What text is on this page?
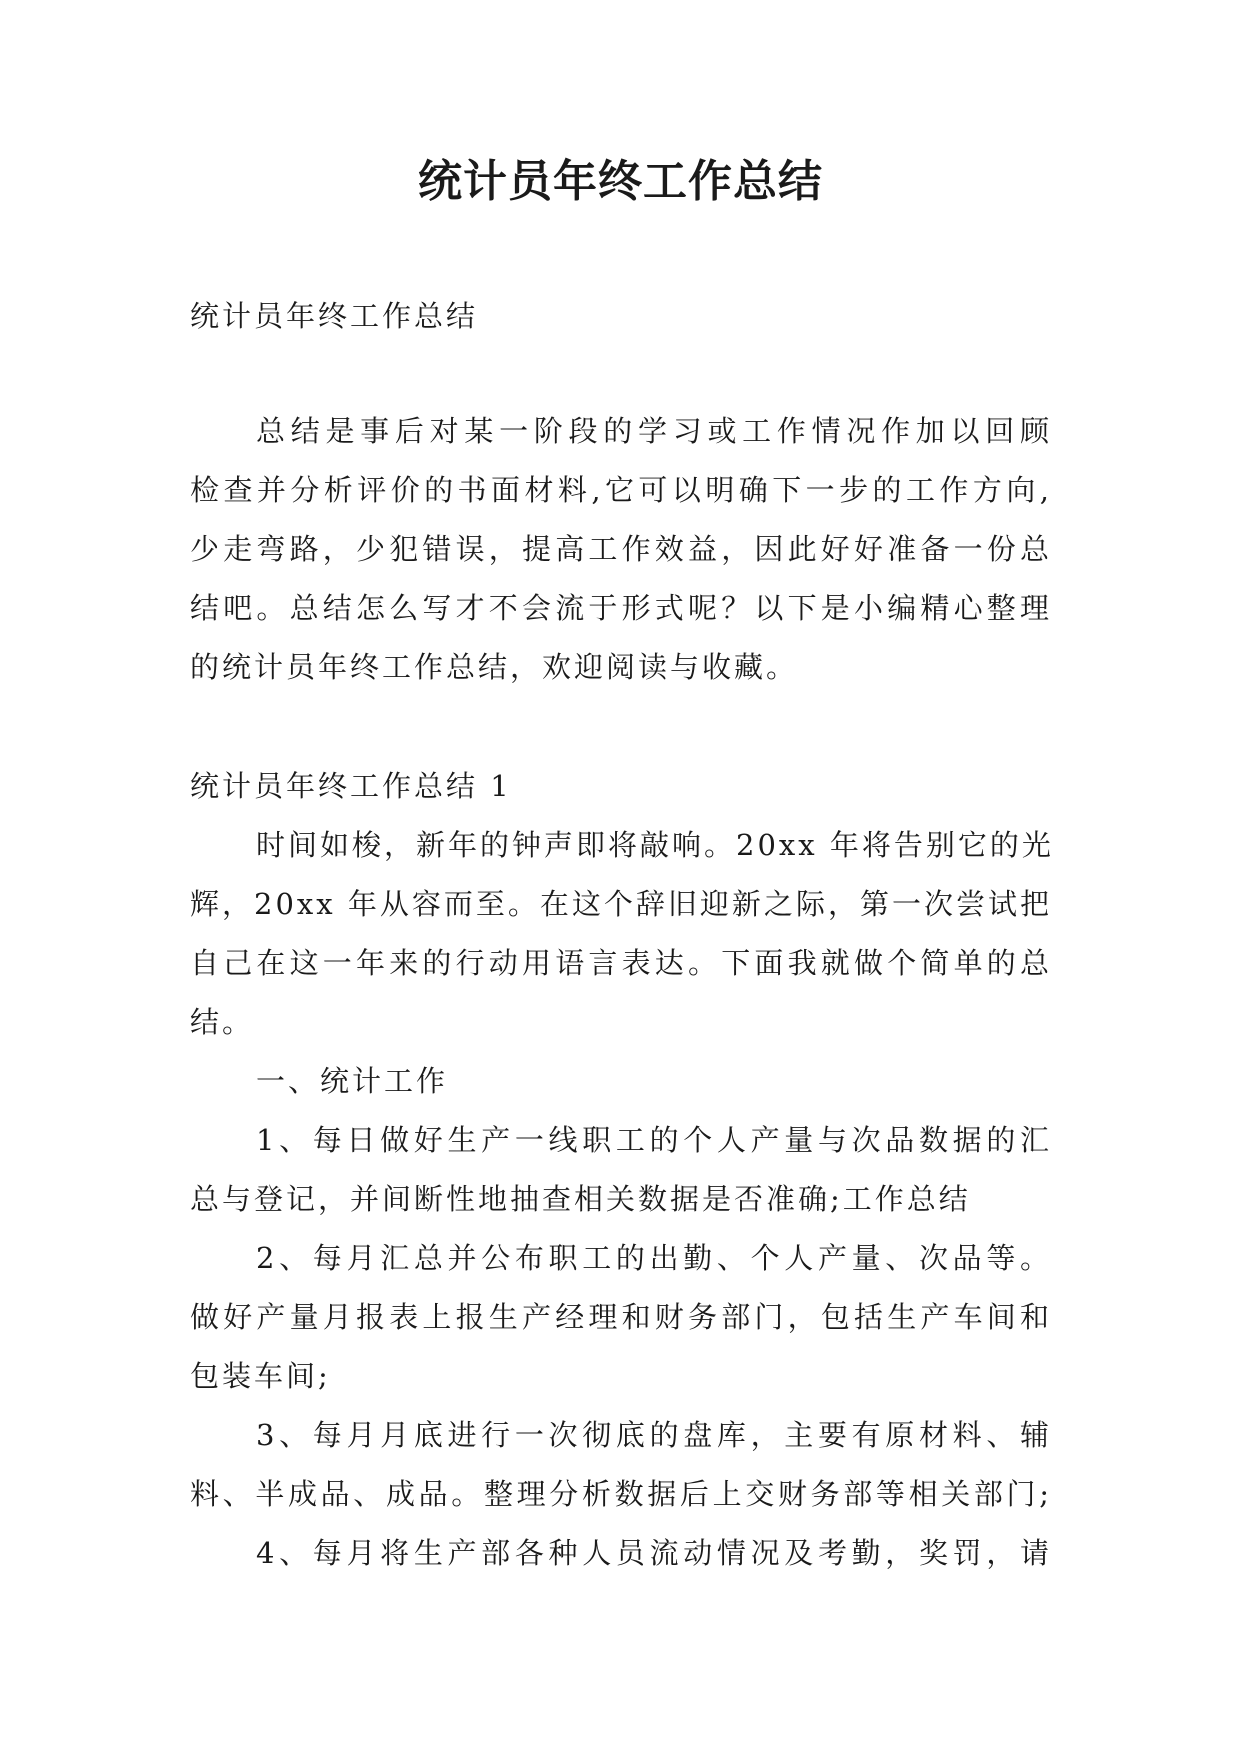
统计员年终工作总结
统计员年终工作总结
总结是事后对某一阶段的学习或工作情况作加以回顾
检查并分析评价的书面材料,它可以明确下一步的工作方向,
少走弯路，少犯错误，提高工作效益，因此好好准备一份总
结吧。总结怎么写才不会流于形式呢？以下是小编精心整理
的统计员年终工作总结，欢迎阅读与收藏。
统计员年终工作总结 1
时间如梭，新年的钟声即将敲响。20xx 年将告别它的光
辉，20xx 年从容而至。在这个辞旧迎新之际，第一次尝试把
自己在这一年来的行动用语言表达。下面我就做个简单的总
结。
一、统计工作
1、每日做好生产一线职工的个人产量与次品数据的汇
总与登记，并间断性地抽查相关数据是否准确;工作总结
2、每月汇总并公布职工的出勤、个人产量、次品等。
做好产量月报表上报生产经理和财务部门，包括生产车间和
包装车间;
3、每月月底进行一次彻底的盘库，主要有原材料、辅
料、半成品、成品。整理分析数据后上交财务部等相关部门;
4、每月将生产部各种人员流动情况及考勤，奖罚，请
